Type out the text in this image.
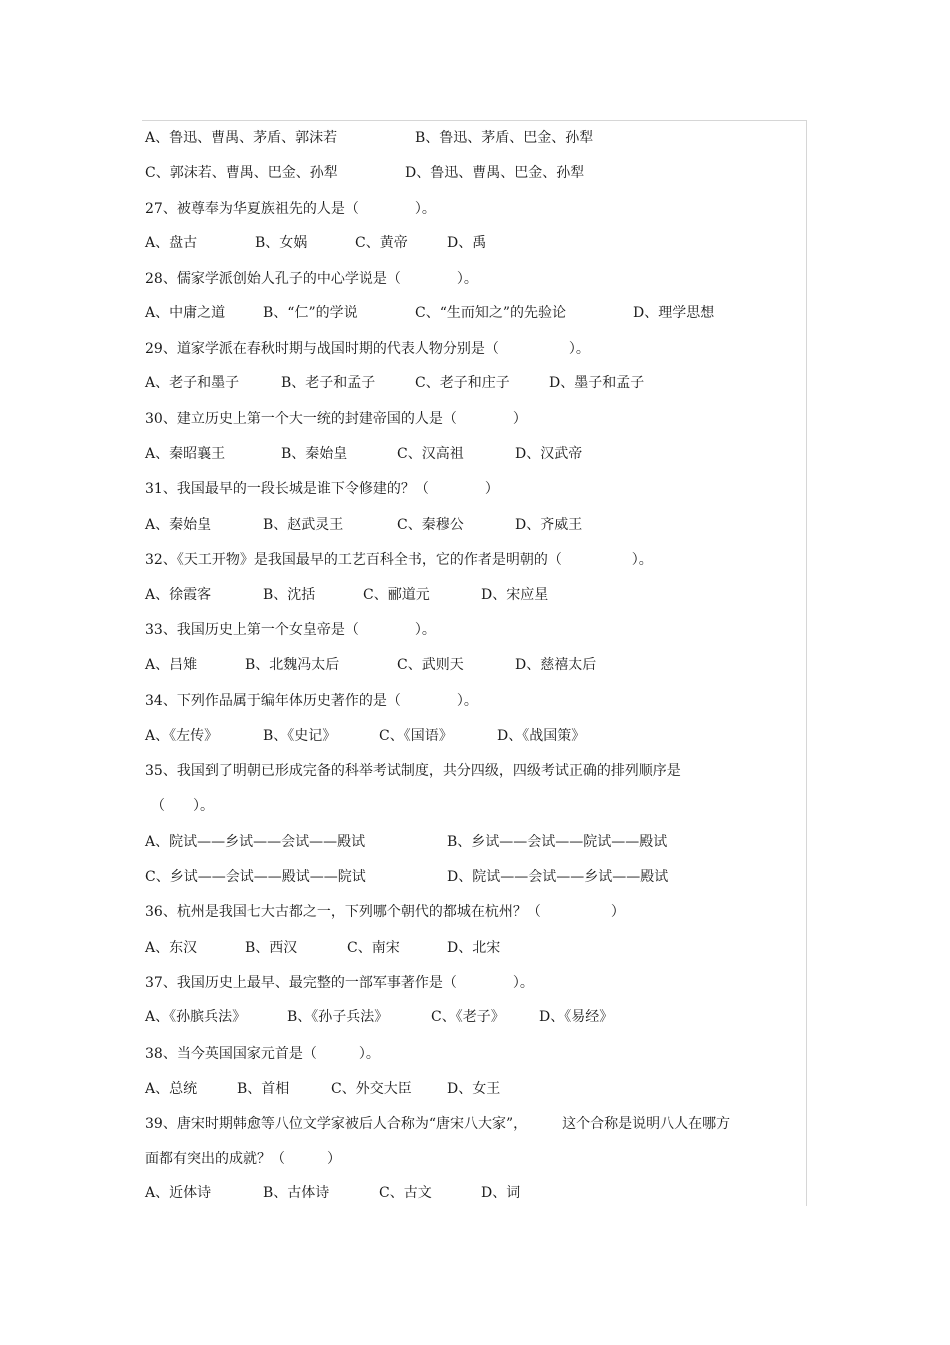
A、鲁迅、曹禺、茅盾、郭沫若	B、鲁迅、茅盾、巴金、孙犁
C、郭沫若、曹禺、巴金、孙犁	D、鲁迅、曹禺、巴金、孙犁
27、被尊奉为华夏族祖先的人是（　　　　）。
A、盘古	B、女娲	C、黄帝	D、禹
28、儒家学派创始人孔子的中心学说是（　　　　）。
A、中庸之道	B、“仁”的学说	C、“生而知之”的先验论	D、理学思想
29、道家学派在春秋时期与战国时期的代表人物分别是（　　　　　）。
A、老子和墨子	B、老子和孟子	C、老子和庄子	D、墨子和孟子
30、建立历史上第一个大一统的封建帝国的人是（　　　　）
A、秦昭襄王	B、秦始皇	C、汉高祖	D、汉武帝
31、我国最早的一段长城是谁下令修建的？（　　　　）
A、秦始皇	B、赵武灵王	C、秦穆公	D、齐威王
32、《天工开物》是我国最早的工艺百科全书，它的作者是明朝的（　　　　　）。
A、徐霞客	B、沈括	C、郦道元	D、宋应星
33、我国历史上第一个女皇帝是（　　　　）。
A、吕雉	B、北魏冯太后	C、武则天	D、慈禧太后
34、下列作品属于编年体历史著作的是（　　　　）。
A、《左传》	B、《史记》	C、《国语》	D、《战国策》
35、我国到了明朝已形成完备的科举考试制度，共分四级，四级考试正确的排列顺序是
（　　）。
A、院试——乡试——会试——殿试	B、乡试——会试——院试——殿试
C、乡试——会试——殿试——院试	D、院试——会试——乡试——殿试
36、杭州是我国七大古都之一，下列哪个朝代的都城在杭州？（　　　　　）
A、东汉	B、西汉	C、南宋	D、北宋
37、我国历史上最早、最完整的一部军事著作是（　　　　）。
A、《孙膑兵法》	B、《孙子兵法》	C、《老子》 D、《易经》
38、当今英国国家元首是（　　　）。
A、总统	B、首相	C、外交大臣	D、女王
39、唐宋时期韩愈等八位文学家被后人合称为“唐宋八大家”，　　　这个合称是说明八人在哪方
面都有突出的成就？（　　　）
A、近体诗	B、古体诗	C、古文	D、词
